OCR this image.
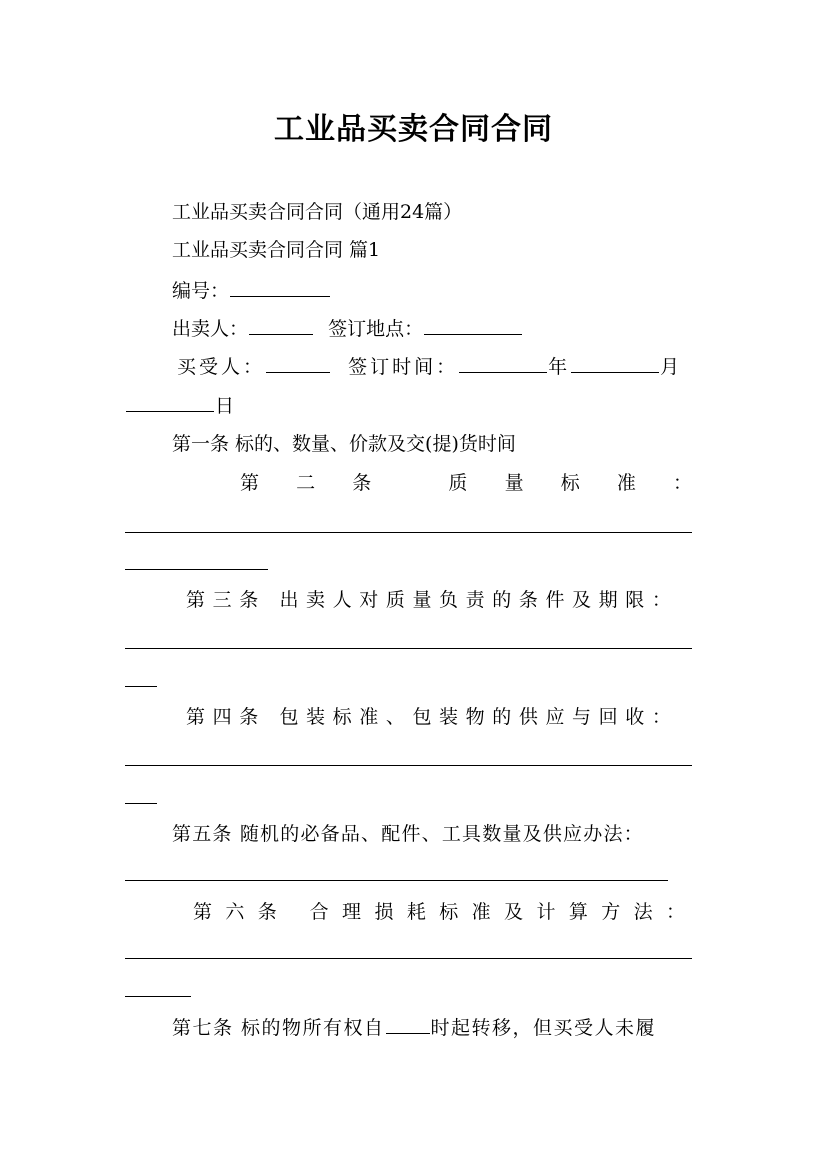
工业品买卖合同合同
工业品买卖合同合同（通用24篇）
工业品买卖合同合同 篇1
编号：
出卖人：	签订地点：
买受人：	签订时间：	年	月
日
第一条 标的、数量、价款及交(提)货时间
第 二 条	质 量 标 准 ：
第三条 出卖人对质量负责的条件及期限：
第四条 包装标准、包装物的供应与回收：
第五条 随机的必备品、配件、工具数量及供应办法：
第六条 合理损耗标准及计算方法：
第七条 标的物所有权自 时起转移，但买受人未履
